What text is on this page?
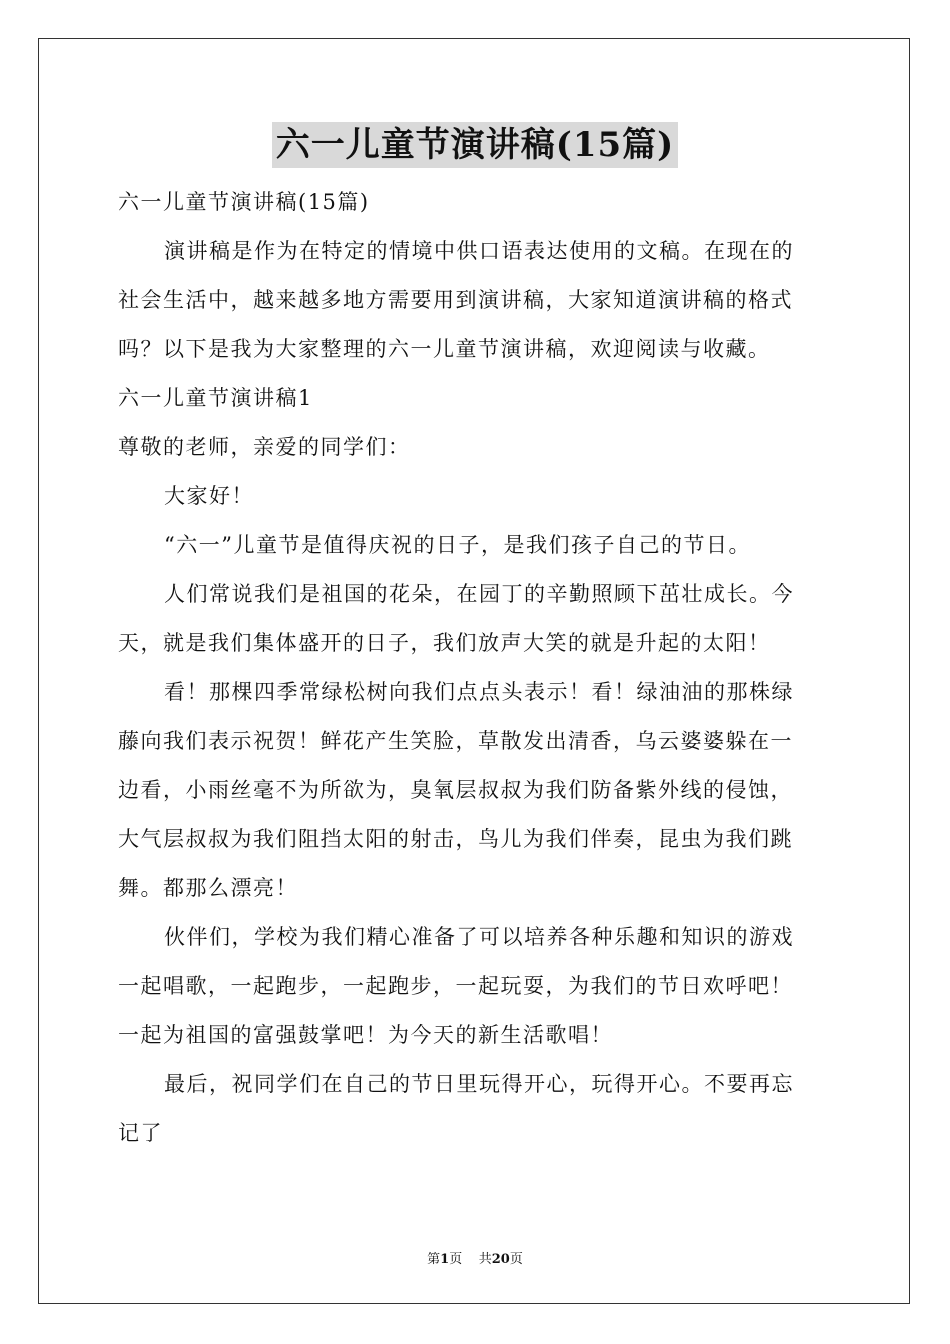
六一儿童节演讲稿(15篇)
六一儿童节演讲稿(15篇)
演讲稿是作为在特定的情境中供口语表达使用的文稿。在现在的
社会生活中，越来越多地方需要用到演讲稿，大家知道演讲稿的格式
吗？以下是我为大家整理的六一儿童节演讲稿，欢迎阅读与收藏。
六一儿童节演讲稿1
尊敬的老师，亲爱的同学们：
大家好！
“六一”儿童节是值得庆祝的日子，是我们孩子自己的节日。
人们常说我们是祖国的花朵，在园丁的辛勤照顾下茁壮成长。今
天，就是我们集体盛开的日子，我们放声大笑的就是升起的太阳！
看！那棵四季常绿松树向我们点点头表示！看！绿油油的那株绿
藤向我们表示祝贺！鲜花产生笑脸，草散发出清香，乌云婆婆躲在一
边看，小雨丝毫不为所欲为，臭氧层叔叔为我们防备紫外线的侵蚀，
大气层叔叔为我们阻挡太阳的射击，鸟儿为我们伴奏，昆虫为我们跳
舞。都那么漂亮！
伙伴们，学校为我们精心准备了可以培养各种乐趣和知识的游戏
一起唱歌，一起跑步，一起跑步，一起玩耍，为我们的节日欢呼吧！
一起为祖国的富强鼓掌吧！为今天的新生活歌唱！
最后，祝同学们在自己的节日里玩得开心，玩得开心。不要再忘
记了
第1页 共20页
